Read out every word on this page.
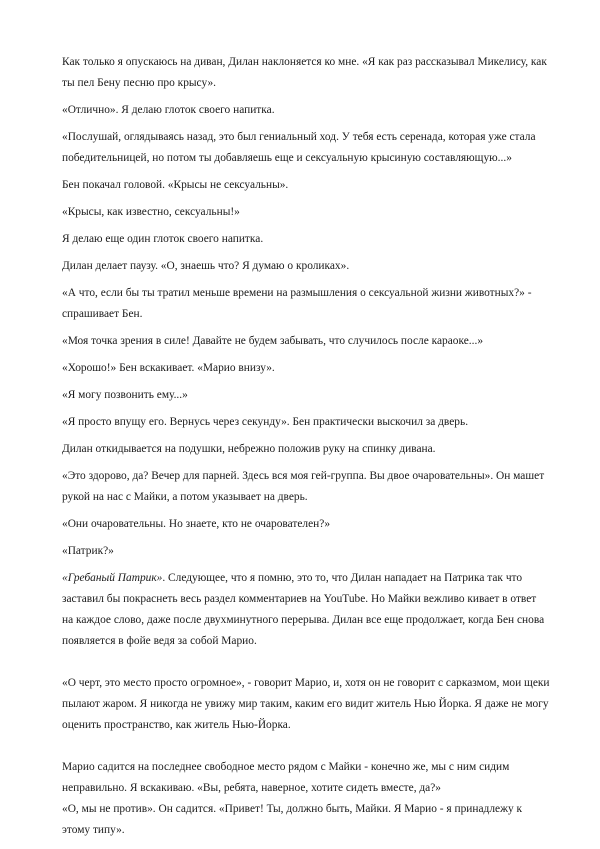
Как только я опускаюсь на диван, Дилан наклоняется ко мне. «Я как раз рассказывал Микелису, как ты пел Бену песню про крысу».

«Отлично». Я делаю глоток своего напитка.

«Послушай, оглядываясь назад, это был гениальный ход. У тебя есть серенада, которая уже стала победительницей, но потом ты добавляешь еще и сексуальную крысиную составляющую...»

Бен покачал головой. «Крысы не сексуальны».

«Крысы, как известно, сексуальны!»

Я делаю еще один глоток своего напитка.

Дилан делает паузу. «О, знаешь что? Я думаю о кроликах».

«А что, если бы ты тратил меньше времени на размышления о сексуальной жизни животных?» - спрашивает Бен.

«Моя точка зрения в силе! Давайте не будем забывать, что случилось после караоке...»

«Хорошо!» Бен вскакивает. «Марио внизу».

«Я могу позвонить ему...»

«Я просто впущу его. Вернусь через секунду». Бен практически выскочил за дверь.

Дилан откидывается на подушки, небрежно положив руку на спинку дивана.

«Это здорово, да? Вечер для парней. Здесь вся моя гей-группа. Вы двое очаровательны». Он машет рукой на нас с Майки, а потом указывает на дверь.

«Они очаровательны. Но знаете, кто не очарователен?»

«Патрик?»

«Гребаный Патрик». Следующее, что я помню, это то, что Дилан нападает на Патрика так что заставил бы покраснеть весь раздел комментариев на YouTube. Но Майки вежливо кивает в ответ на каждое слово, даже после двухминутного перерыва. Дилан все еще продолжает, когда Бен снова появляется в фойе ведя за собой Марио.

«О черт, это место просто огромное», - говорит Марио, и, хотя он не говорит с сарказмом, мои щеки пылают жаром. Я никогда не увижу мир таким, каким его видит житель Нью Йорка. Я даже не могу оценить пространство, как житель Нью-Йорка.

Марио садится на последнее свободное место рядом с Майки - конечно же, мы с ним сидим неправильно. Я вскакиваю. «Вы, ребята, наверное, хотите сидеть вместе, да?»

«О, мы не против». Он садится. «Привет! Ты, должно быть, Майки. Я Марио - я принадлежу к этому типу».
